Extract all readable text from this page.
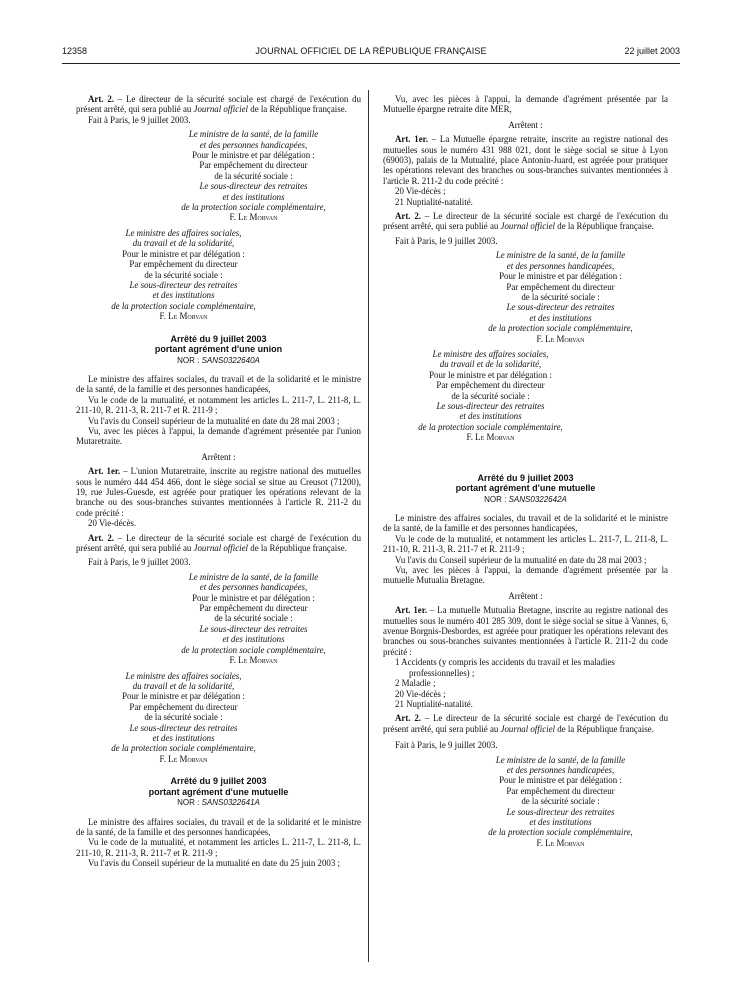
12358	JOURNAL OFFICIEL DE LA RÉPUBLIQUE FRANÇAISE	22 juillet 2003

Art. 2. – Le directeur de la sécurité sociale est chargé de l'exécution du présent arrêté, qui sera publié au Journal officiel de la République française.

Fait à Paris, le 9 juillet 2003.

Le ministre de la santé, de la famille
et des personnes handicapées,
Pour le ministre et par délégation :
Par empêchement du directeur
de la sécurité sociale :
Le sous-directeur des retraites
et des institutions
de la protection sociale complémentaire,
F. Le Morvan
Le ministre des affaires sociales,
du travail et de la solidarité,
Pour le ministre et par délégation :
Par empêchement du directeur
de la sécurité sociale :
Le sous-directeur des retraites
et des institutions
de la protection sociale complémentaire,
F. Le Morvan
Arrêté du 9 juillet 2003
portant agrément d'une union
NOR : SANS0322640A

Le ministre des affaires sociales, du travail et de la solidarité et le ministre de la santé, de la famille et des personnes handicapées,

Vu le code de la mutualité, et notamment les articles L. 211-7, L. 211-8, L. 211-10, R. 211-3, R. 211-7 et R. 211-9 ;

Vu l'avis du Conseil supérieur de la mutualité en date du 28 mai 2003 ;

Vu, avec les pièces à l'appui, la demande d'agrément présentée par l'union Mutaretraite.

Arrêtent :

Art. 1er. – L'union Mutaretraite, inscrite au registre national des mutuelles sous le numéro 444 454 466, dont le siège social se situe au Creusot (71200), 19, rue Jules-Guesde, est agréée pour pratiquer les opérations relevant de la branche ou des sous-branches suivantes mentionnées à l'article R. 211-2 du code précité :

20 Vie-décès.

Art. 2. – Le directeur de la sécurité sociale est chargé de l'exécution du présent arrêté, qui sera publié au Journal officiel de la République française.

Fait à Paris, le 9 juillet 2003.

Le ministre de la santé, de la famille
et des personnes handicapées,
Pour le ministre et par délégation :
Par empêchement du directeur
de la sécurité sociale :
Le sous-directeur des retraites
et des institutions
de la protection sociale complémentaire,
F. Le Morvan
Le ministre des affaires sociales,
du travail et de la solidarité,
Pour le ministre et par délégation :
Par empêchement du directeur
de la sécurité sociale :
Le sous-directeur des retraites
et des institutions
de la protection sociale complémentaire,
F. Le Morvan
Arrêté du 9 juillet 2003
portant agrément d'une mutuelle
NOR : SANS0322641A

Le ministre des affaires sociales, du travail et de la solidarité et le ministre de la santé, de la famille et des personnes handicapées,

Vu le code de la mutualité, et notamment les articles L. 211-7, L. 211-8, L. 211-10, R. 211-3, R. 211-7 et R. 211-9 ;

Vu l'avis du Conseil supérieur de la mutualité en date du 25 juin 2003 ;

Vu, avec les pièces à l'appui, la demande d'agrément présentée par la Mutuelle épargne retraite dite MER,

Arrêtent :

Art. 1er. – La Mutuelle épargne retraite, inscrite au registre national des mutuelles sous le numéro 431 988 021, dont le siège social se situe à Lyon (69003), palais de la Mutualité, place Antonin-Juard, est agréée pour pratiquer les opérations relevant des branches ou sous-branches suivantes mentionnées à l'article R. 211-2 du code précité :

20 Vie-décès ;

21 Nuptialité-natalité.

Art. 2. – Le directeur de la sécurité sociale est chargé de l'exécution du présent arrêté, qui sera publié au Journal officiel de la République française.

Fait à Paris, le 9 juillet 2003.

Le ministre de la santé, de la famille
et des personnes handicapées,
Pour le ministre et par délégation :
Par empêchement du directeur
de la sécurité sociale :
Le sous-directeur des retraites
et des institutions
de la protection sociale complémentaire,
F. Le Morvan
Le ministre des affaires sociales,
du travail et de la solidarité,
Pour le ministre et par délégation :
Par empêchement du directeur
de la sécurité sociale :
Le sous-directeur des retraites
et des institutions
de la protection sociale complémentaire,
F. Le Morvan
Arrêté du 9 juillet 2003
portant agrément d'une mutuelle
NOR : SANS0322642A

Le ministre des affaires sociales, du travail et de la solidarité et le ministre de la santé, de la famille et des personnes handicapées,

Vu le code de la mutualité, et notamment les articles L. 211-7, L. 211-8, L. 211-10, R. 211-3, R. 211-7 et R. 211-9 ;

Vu l'avis du Conseil supérieur de la mutualité en date du 28 mai 2003 ;

Vu, avec les pièces à l'appui, la demande d'agrément présentée par la mutuelle Mutualia Bretagne.

Arrêtent :

Art. 1er. – La mutuelle Mutualia Bretagne, inscrite au registre national des mutuelles sous le numéro 401 285 309, dont le siège social se situe à Vannes, 6, avenue Borgnis-Desbordes, est agréée pour pratiquer les opérations relevant des branches ou sous-branches suivantes mentionnées à l'article R. 211-2 du code précité :

1 Accidents (y compris les accidents du travail et les maladies

professionnelles) ;

2 Maladie ;

20 Vie-décès ;

21 Nuptialité-natalité.

Art. 2. – Le directeur de la sécurité sociale est chargé de l'exécution du présent arrêté, qui sera publié au Journal officiel de la République française.

Fait à Paris, le 9 juillet 2003.

Le ministre de la santé, de la famille
et des personnes handicapées,
Pour le ministre et par délégation :
Par empêchement du directeur
de la sécurité sociale :
Le sous-directeur des retraites
et des institutions
de la protection sociale complémentaire,
F. Le Morvan
